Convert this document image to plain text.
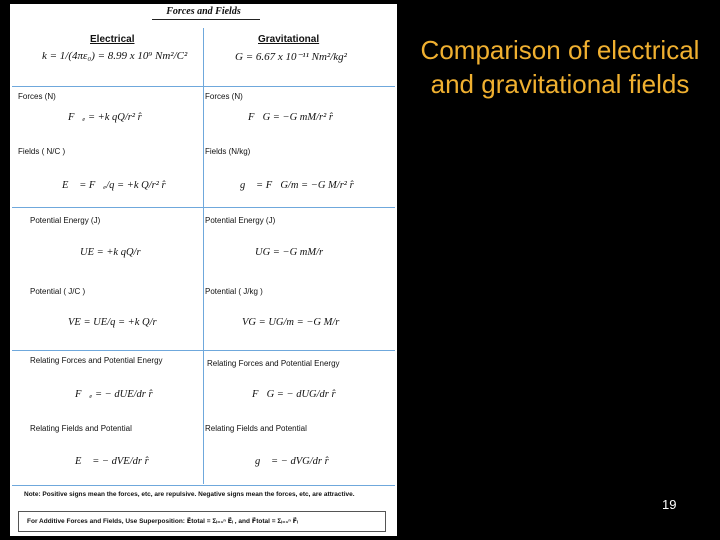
Forces and Fields
Electrical	Gravitational
k = 1/(4πε₀) = 8.99 x 10⁹ Nm²/C²	G = 6.67 x 10⁻¹¹ Nm²/kg²
Forces (N)
F⃗ₑ = +k qQ/r² r̂
Forces (N)
F⃗G = −G mM/r² r̂
Fields ( N/C )
E⃗ = F⃗ₑ/q = +k Q/r² r̂
Fields (N/kg)
g⃗ = F⃗G/m = −G M/r² r̂
Potential Energy (J)
UE = +k qQ/r
Potential Energy (J)
UG = −G mM/r
Potential ( J/C )
VE = UE/q = +k Q/r
Potential ( J/kg )
VG = UG/m = −G M/r
Relating Forces and Potential Energy
F⃗ₑ = − dUE/dr r̂
Relating Forces and Potential Energy
F⃗G = − dUG/dr r̂
Relating Fields and Potential
E⃗ = − dVE/dr r̂
Relating Fields and Potential
g⃗ = − dVG/dr r̂
Note: Positive signs mean the forces, etc, are repulsive. Negative signs mean the forces, etc, are attractive.
For Additive Forces and Fields, Use Superposition: E⃗total = Σᵢ₌₁ⁿ E⃗ᵢ , and F⃗total = Σᵢ₌₁ⁿ F⃗ᵢ
Comparison of electrical and gravitational fields
19
